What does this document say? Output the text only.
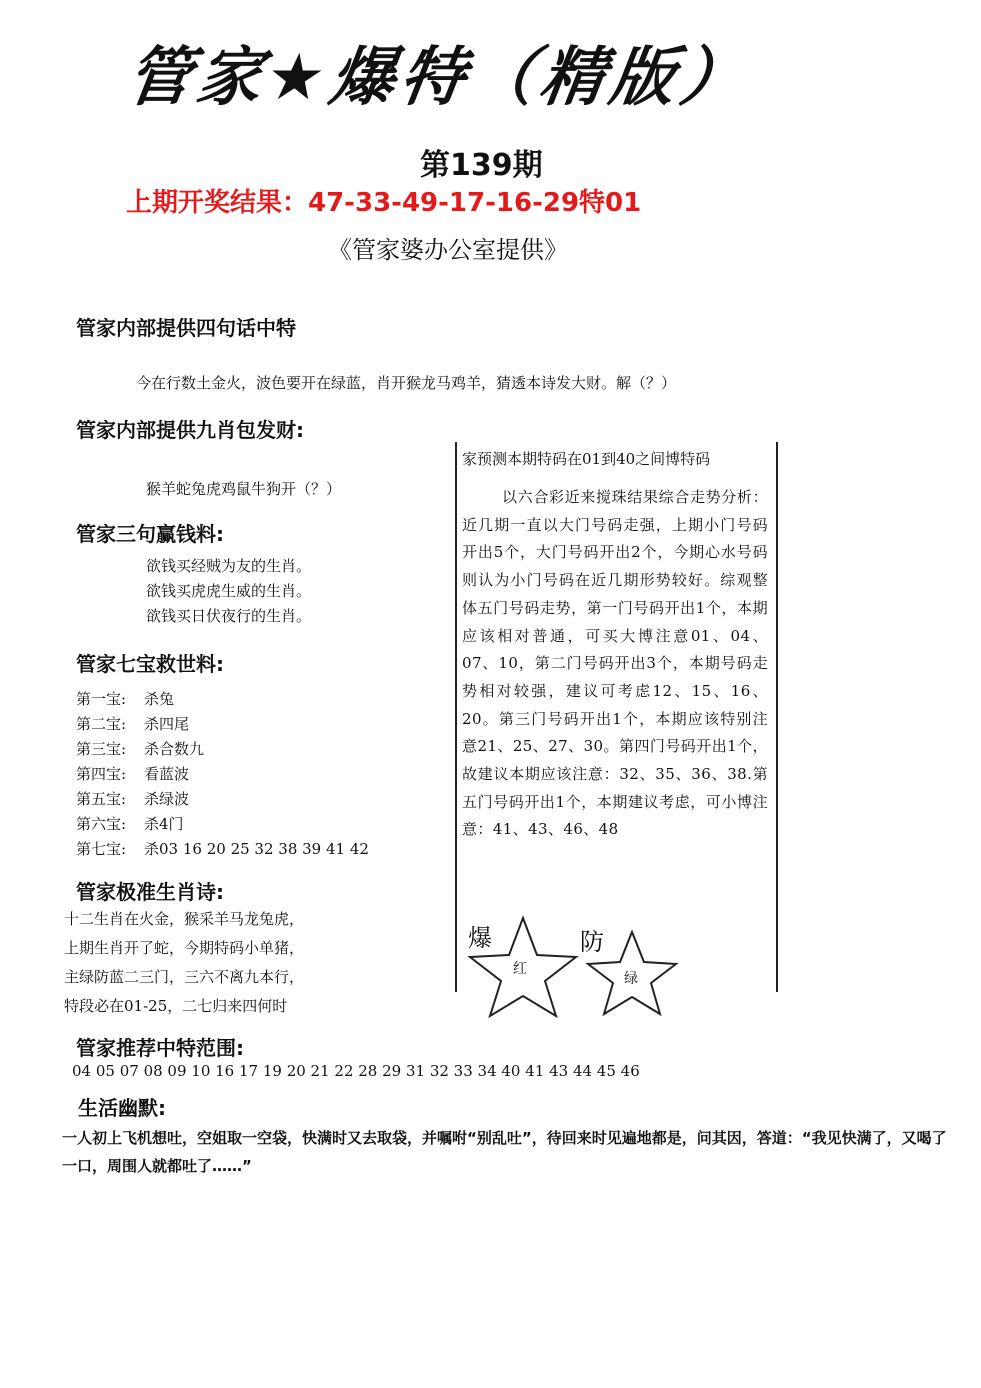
管家★爆特（精版）
第139期
上期开奖结果：47-33-49-17-16-29特01
《管家婆办公室提供》
管家内部提供四句话中特
今在行数土金火，波色要开在绿蓝，肖开猴龙马鸡羊，猜透本诗发大财。解（？）
管家内部提供九肖包发财:
猴羊蛇兔虎鸡鼠牛狗开（？）
管家三句赢钱料:
欲钱买经贼为友的生肖。
欲钱买虎虎生威的生肖。
欲钱买日伏夜行的生肖。
管家七宝救世料:
第一宝: 杀兔
第二宝: 杀四尾
第三宝: 杀合数九
第四宝: 看蓝波
第五宝: 杀绿波
第六宝: 杀4门
第七宝: 杀03 16 20 25 32 38 39 41 42
管家极准生肖诗:
十二生肖在火金，猴采羊马龙兔虎，
上期生肖开了蛇，今期特码小单猪，
主绿防蓝二三门，三六不离九本行，
特段必在01-25，二七归来四何时
管家推荐中特范围:
04 05 07 08 09 10 16 17 19 20 21 22 28 29 31 32 33 34 40 41 43 44 45 46
生活幽默:
一人初上飞机想吐，空姐取一空袋，快满时又去取袋，并嘱咐“别乱吐”，待回来时见遍地都是，问其因，答道：“我见快满了，又喝了一口，周围人就都吐了……”

家预测本期特码在01到40之间博特码

以六合彩近来搅珠结果综合走势分析：近几期一直以大门号码走强，上期小门号码开出5个，大门号码开出2个，今期心水号码则认为小门号码在近几期形势较好。综观整体五门号码走势，第一门号码开出1个，本期应该相对普通，可买大博注意01、04、07、10，第二门号码开出3个，本期号码走势相对较强，建议可考虑12、15、16、20。第三门号码开出1个，本期应该特别注意21、25、27、30。第四门号码开出1个，故建议本期应该注意：32、35、36、38.第五门号码开出1个，本期建议考虑，可小博注意：41、43、46、48

爆
红
防
绿
